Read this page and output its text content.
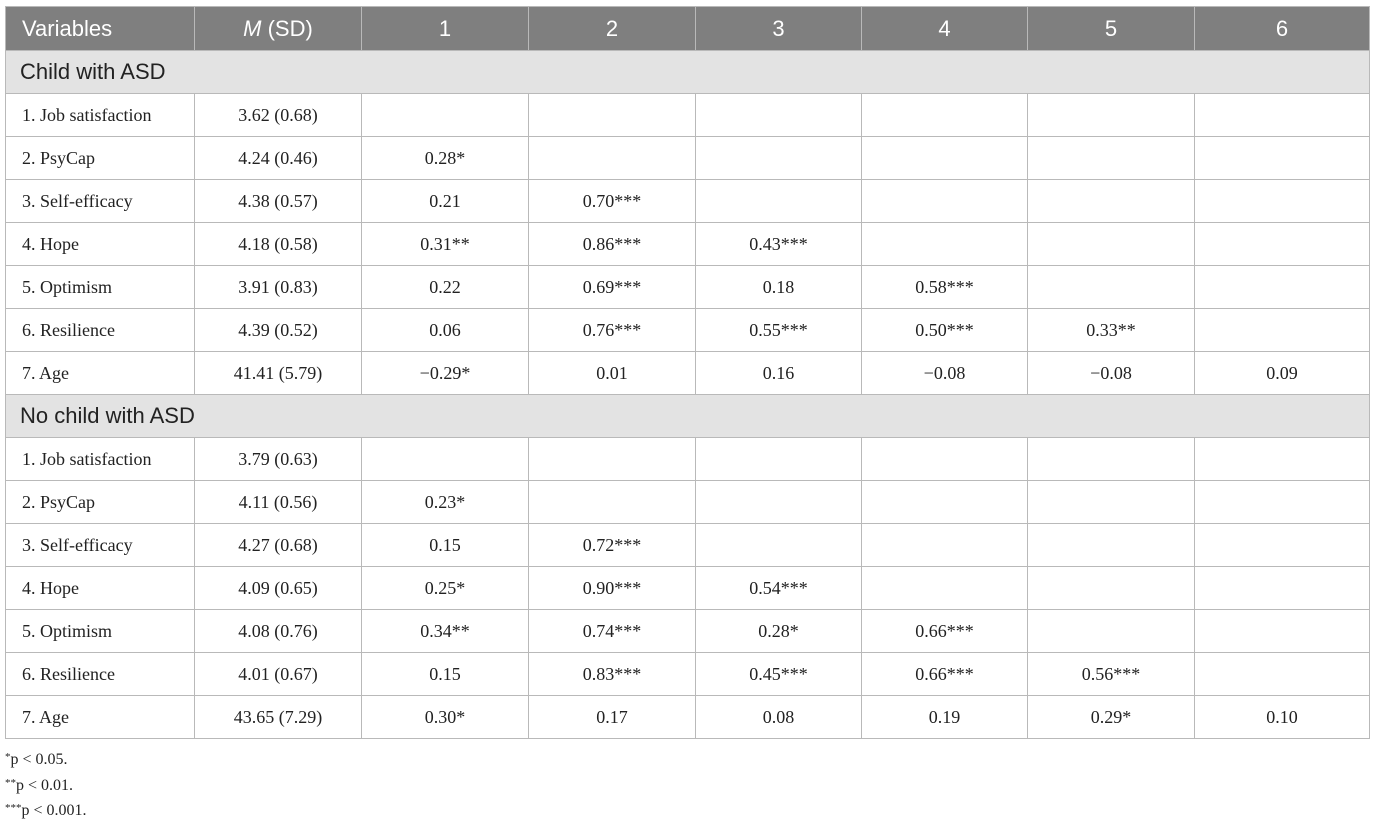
Variables	M (SD)	1	2	3	4	5	6
Child with ASD							
1. Job satisfaction	3.62 (0.68)						
2. PsyCap	4.24 (0.46)	0.28*					
3. Self-efficacy	4.38 (0.57)	0.21	0.70***				
4. Hope	4.18 (0.58)	0.31**	0.86***	0.43***			
5. Optimism	3.91 (0.83)	0.22	0.69***	0.18	0.58***		
6. Resilience	4.39 (0.52)	0.06	0.76***	0.55***	0.50***	0.33**	
7. Age	41.41 (5.79)	−0.29*	0.01	0.16	−0.08	−0.08	0.09
No child with ASD							
1. Job satisfaction	3.79 (0.63)						
2. PsyCap	4.11 (0.56)	0.23*					
3. Self-efficacy	4.27 (0.68)	0.15	0.72***				
4. Hope	4.09 (0.65)	0.25*	0.90***	0.54***			
5. Optimism	4.08 (0.76)	0.34**	0.74***	0.28*	0.66***		
6. Resilience	4.01 (0.67)	0.15	0.83***	0.45***	0.66***	0.56***	
7. Age	43.65 (7.29)	0.30*	0.17	0.08	0.19	0.29*	0.10
*p < 0.05.
**p < 0.01.
***p < 0.001.
